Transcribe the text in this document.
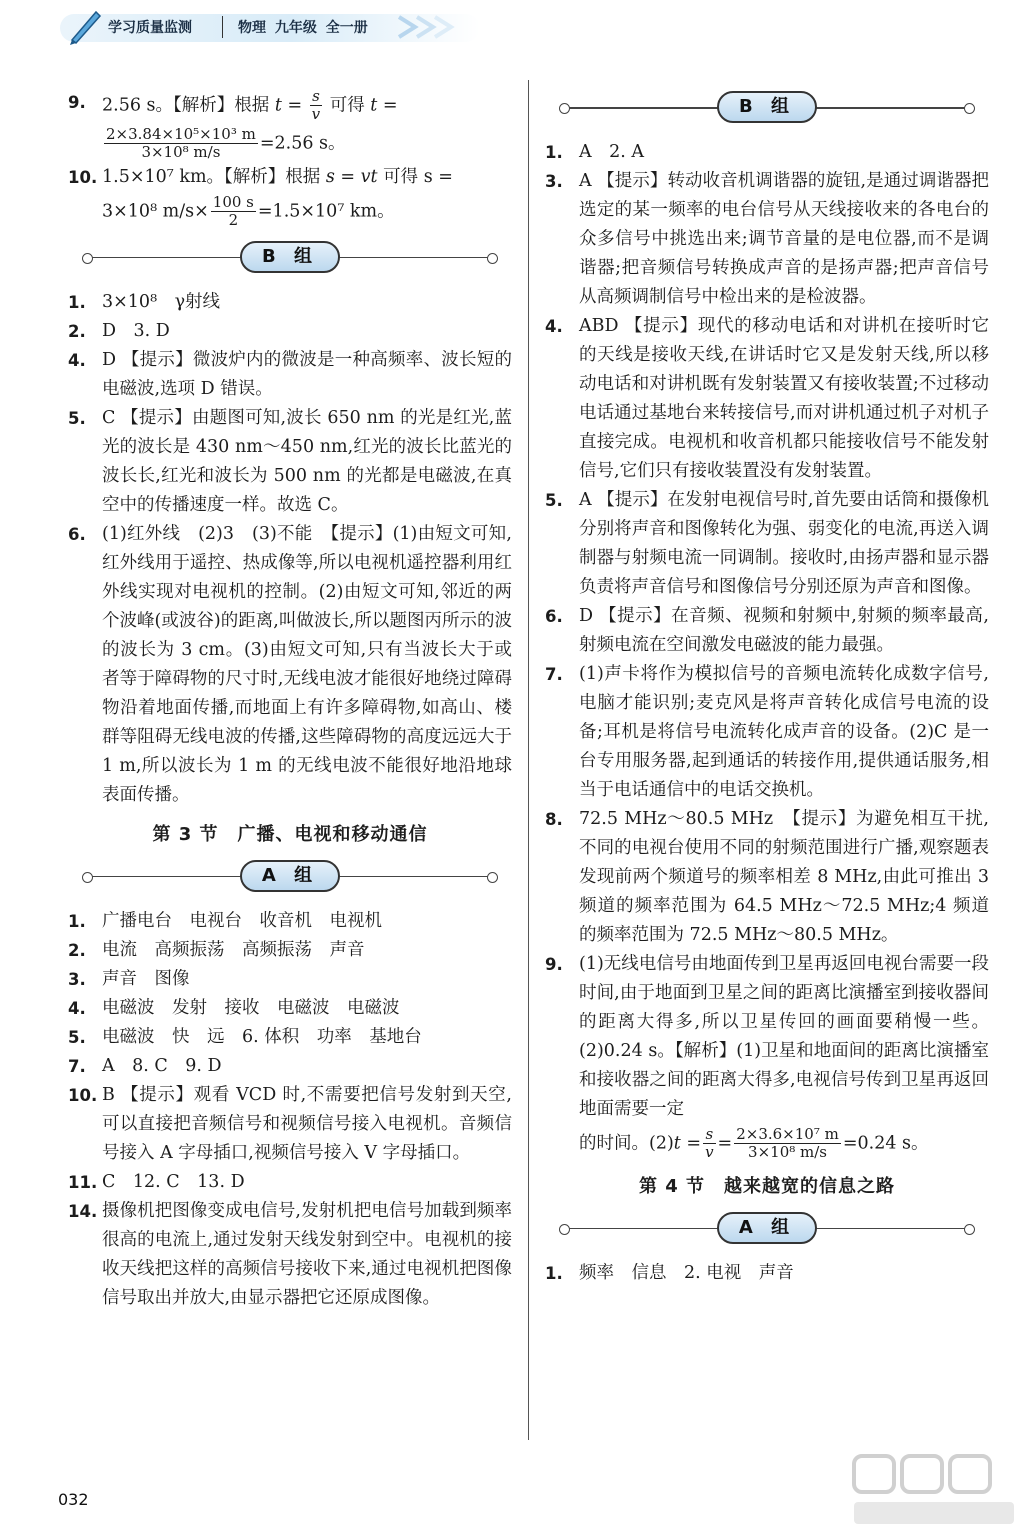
学习质量监测	物理 九年级 全一册
9. 2.56 s。【解析】根据 $t = \frac{s}{v}$ 可得 t =
$\frac{\text{2×3.84×10⁵×10³ m}}{\text{3×10⁸ m/s}} =2.56$ s。
10. 1.5×10⁷ km。【解析】根据 s = vt 可得 s =
3×10⁸ $m/s\times \frac{100 s}{2} =1.5\times 10^7$ km。
B 组
1. 3×10⁸　γ射线
2. D　3. D
4. D 【提示】微波炉内的微波是一种高频率、波长短的电磁波,选项 D 错误。
5. C 【提示】由题图可知,波长 650 nm 的光是红光,蓝光的波长是 430 nm～450 nm,红光的波长比蓝光的波长长,红光和波长为 500 nm 的光都是电磁波,在真空中的传播速度一样。故选 C。
6. (1)红外线　(2)3　(3)不能　【提示】(1)由短文可知,红外线用于遥控、热成像等,所以电视机遥控器利用红外线实现对电视机的控制。(2)由短文可知,邻近的两个波峰(或波谷)的距离,叫做波长,所以题图丙所示的波的波长为 3 cm。(3)由短文可知,只有当波长大于或者等于障碍物的尺寸时,无线电波才能很好地绕过障碍物沿着地面传播,而地面上有许多障碍物,如高山、楼群等阻碍无线电波的传播,这些障碍物的高度远远大于 1 m,所以波长为 1 m 的无线电波不能很好地沿地球表面传播。
第 3 节　广播、电视和移动通信
A 组
1. 广播电台　电视台　收音机　电视机
2. 电流　高频振荡　高频振荡　声音
3. 声音　图像
4. 电磁波　发射　接收　电磁波　电磁波
5. 电磁波　快　远　6. 体积　功率　基地台
7. A　8. C　9. D
10. B 【提示】观看 VCD 时,不需要把信号发射到天空,可以直接把音频信号和视频信号接入电视机。音频信号接入 A 字母插口,视频信号接入 V 字母插口。
11. C　12. C　13. D
14. 摄像机把图像变成电信号,发射机把电信号加载到频率很高的电流上,通过发射天线发射到空中。电视机的接收天线把这样的高频信号接收下来,通过电视机把图像信号取出并放大,由显示器把它还原成图像。
B 组
1. A　2. A
3. A 【提示】转动收音机调谐器的旋钮,是通过调谐器把选定的某一频率的电台信号从天线接收来的各电台的众多信号中挑选出来;调节音量的是电位器,而不是调谐器;把音频信号转换成声音的是扬声器;把声音信号从高频调制信号中检出来的是检波器。
4. ABD 【提示】现代的移动电话和对讲机在接听时它的天线是接收天线,在讲话时它又是发射天线,所以移动电话和对讲机既有发射装置又有接收装置;不过移动电话通过基地台来转接信号,而对讲机通过机子对机子直接完成。电视机和收音机都只能接收信号不能发射信号,它们只有接收装置没有发射装置。
5. A 【提示】在发射电视信号时,首先要由话筒和摄像机分别将声音和图像转化为强、弱变化的电流,再送入调制器与射频电流一同调制。接收时,由扬声器和显示器负责将声音信号和图像信号分别还原为声音和图像。
6. D 【提示】在音频、视频和射频中,射频的频率最高,射频电流在空间激发电磁波的能力最强。
7. (1)声卡将作为模拟信号的音频电流转化成数字信号,电脑才能识别;麦克风是将声音转化成信号电流的设备;耳机是将信号电流转化成声音的设备。(2)C 是一台专用服务器,起到通话的转接作用,提供通话服务,相当于电话通信中的电话交换机。
8. 72.5 MHz～80.5 MHz　【提示】为避免相互干扰,不同的电视台使用不同的射频范围进行广播,观察题表发现前两个频道号的频率相差 8 MHz,由此可推出 3 频道的频率范围为 64.5 MHz～72.5 MHz;4 频道的频率范围为 72.5 MHz～80.5 MHz。
9. (1)无线电信号由地面传到卫星再返回电视台需要一段时间,由于地面到卫星之间的距离比演播室到接收器间的距离大得多,所以卫星传回的画面要稍慢一些。(2)0.24 s。【解析】(1)卫星和地面间的距离比演播室和接收器之间的距离大得多,电视信号传到卫星再返回地面需要一定
的时间。$(2)t = \frac{s}{v} = \frac{\text{2×3.6×10⁷ m}}{\text{3×10⁸ m/s}} =0.24$ s。
第 4 节　越来越宽的信息之路
A 组
1. 频率　信息　2. 电视　声音
032
